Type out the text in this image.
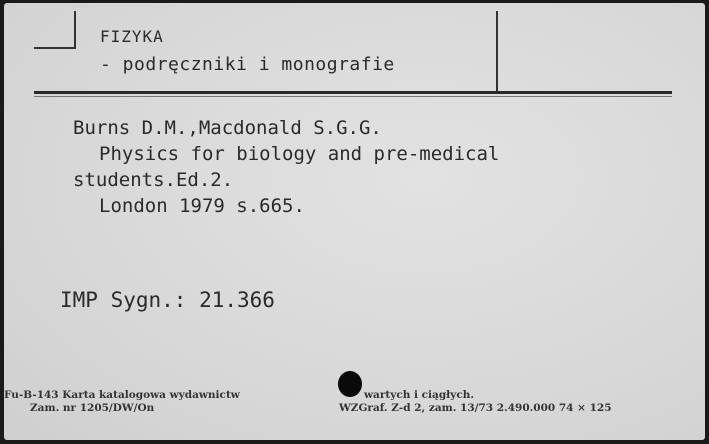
FIZYKA
- podręczniki i monografie
Burns D.M.,Macdonald S.G.G.
Physics for biology and pre-medical
students.Ed.2.
London 1979 s.665.
IMP Sygn.: 21.366
Fu-B-143 Karta katalogowa wydawnictw
Zam. nr 1205/DW/On
wartych i ciągłych.
WZGraf. Z-d 2, zam. 13/73 2.490.000 74 × 125
